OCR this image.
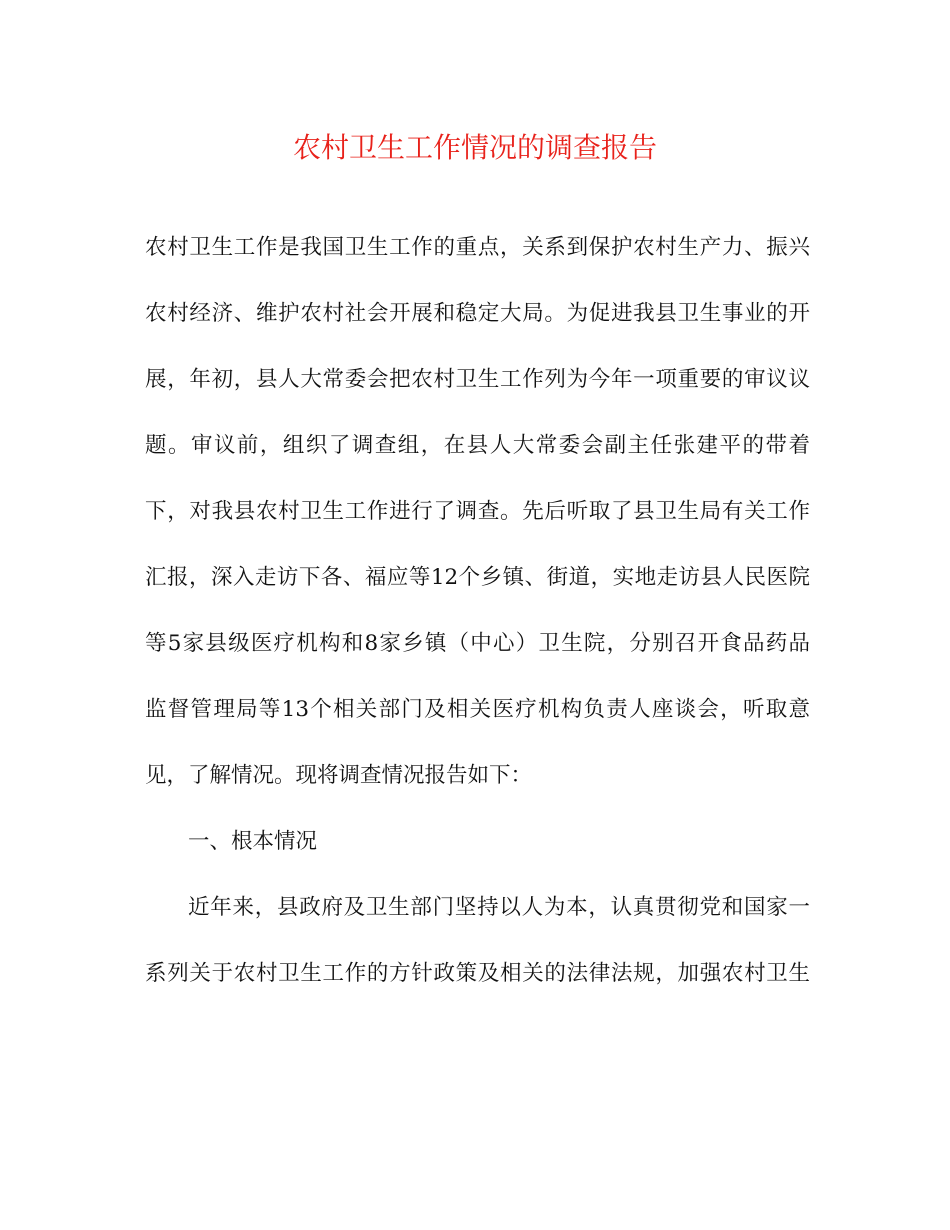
农村卫生工作情况的调查报告

农村卫生工作是我国卫生工作的重点，关系到保护农村生产力、振兴

农村经济、维护农村社会开展和稳定大局。为促进我县卫生事业的开

展，年初，县人大常委会把农村卫生工作列为今年一项重要的审议议

题。审议前，组织了调查组，在县人大常委会副主任张建平的带着

下，对我县农村卫生工作进行了调查。先后听取了县卫生局有关工作

汇报，深入走访下各、福应等12个乡镇、街道，实地走访县人民医院

等5家县级医疗机构和8家乡镇（中心）卫生院，分别召开食品药品

监督管理局等13个相关部门及相关医疗机构负责人座谈会，听取意

见，了解情况。现将调查情况报告如下：

一、根本情况

近年来，县政府及卫生部门坚持以人为本，认真贯彻党和国家一

系列关于农村卫生工作的方针政策及相关的法律法规，加强农村卫生
